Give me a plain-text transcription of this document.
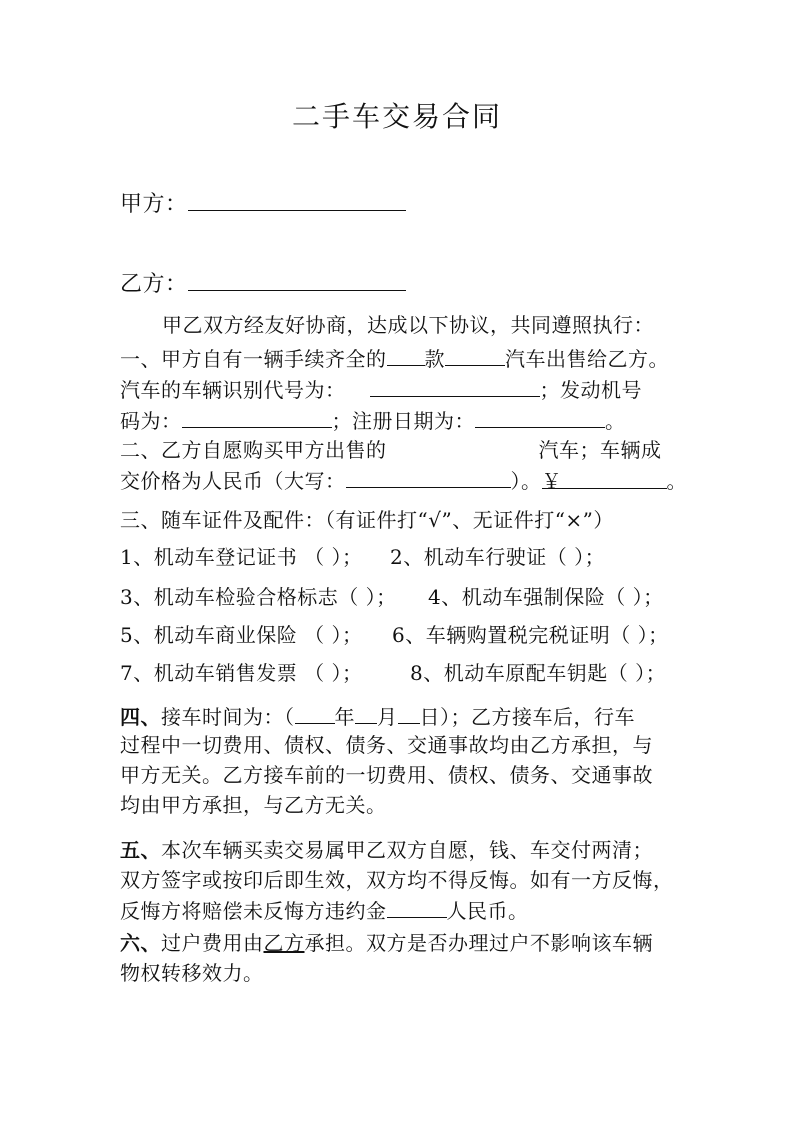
二手车交易合同
甲方：
乙方：
甲乙双方经友好协商，达成以下协议，共同遵照执行：
一、甲方自有一辆手续齐全的 款	汽车出售给乙方。
汽车的车辆识别代号为：	；发动机号
码为：	；注册日期为：	。
二、乙方自愿购买甲方出售的	汽车；车辆成
交价格为人民币（大写：	）。￥	。
三、随车证件及配件：（有证件打“√”、无证件打“×”）
1、机动车登记证书 （ ）； 2、机动车行驶证（ ）；
3、机动车检验合格标志（ ）； 4、机动车强制保险（ ）；
5、机动车商业保险 （ ）； 6、车辆购置税完税证明（ ）；
7、机动车销售发票 （ ）； 8、机动车原配车钥匙（ ）；
四、接车时间为：（ 年 月 日）；乙方接车后，行车
过程中一切费用、债权、债务、交通事故均由乙方承担，与
甲方无关。乙方接车前的一切费用、债权、债务、交通事故
均由甲方承担，与乙方无关。
五、本次车辆买卖交易属甲乙双方自愿，钱、车交付两清；
双方签字或按印后即生效，双方均不得反悔。如有一方反悔，
反悔方将赔偿未反悔方违约金	人民币。
六、过户费用由乙方承担。双方是否办理过户不影响该车辆
物权转移效力。
